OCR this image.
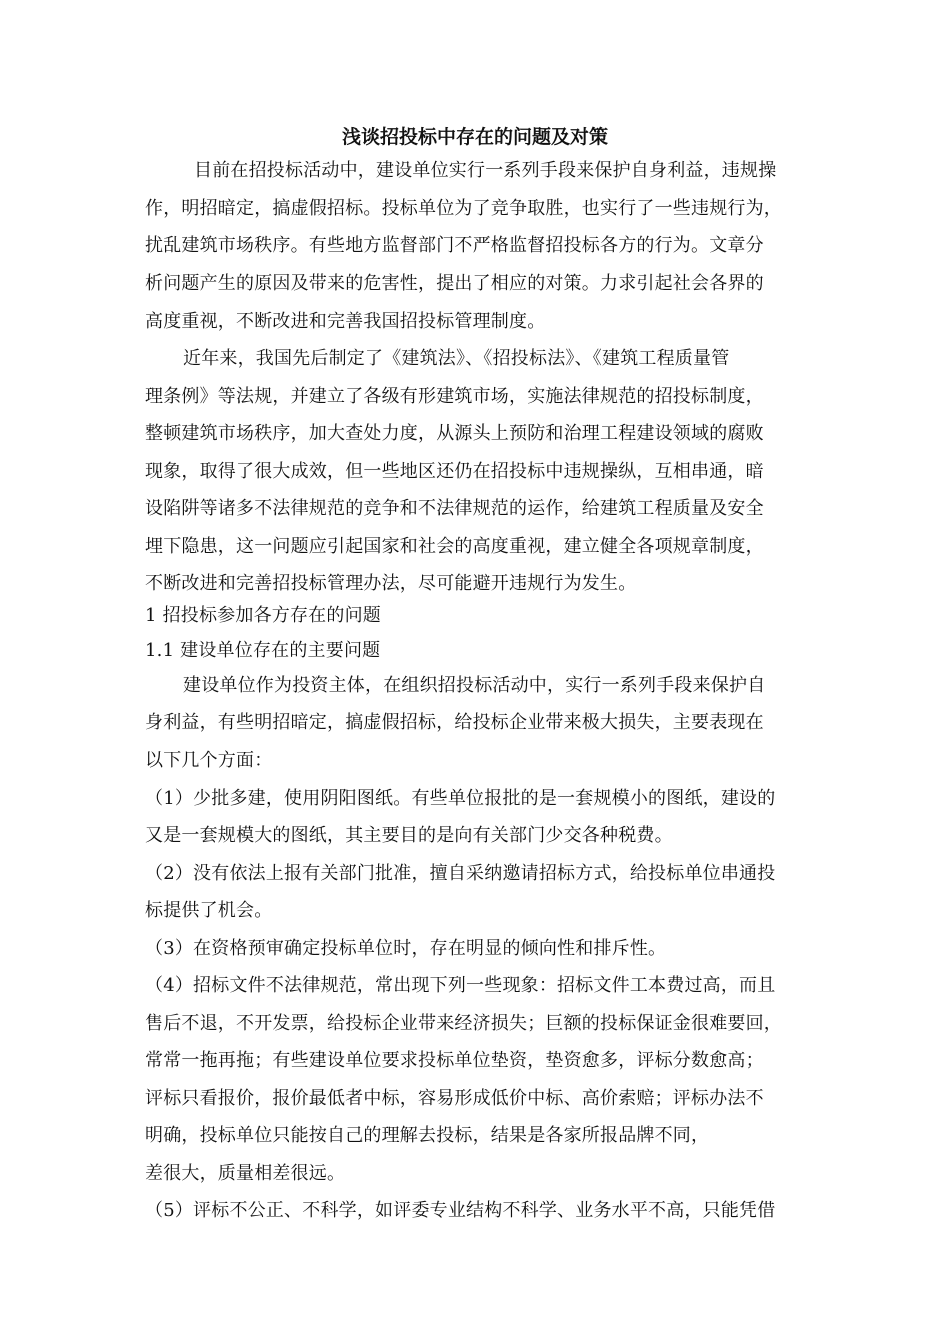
浅谈招投标中存在的问题及对策
目前在招投标活动中，建设单位实行一系列手段来保护自身利益，违规操
作，明招暗定，搞虚假招标。投标单位为了竞争取胜，也实行了一些违规行为，
扰乱建筑市场秩序。有些地方监督部门不严格监督招投标各方的行为。文章分
析问题产生的原因及带来的危害性，提出了相应的对策。力求引起社会各界的
高度重视，不断改进和完善我国招投标管理制度。
近年来，我国先后制定了《建筑法》、《招投标法》、《建筑工程质量管
理条例》等法规，并建立了各级有形建筑市场，实施法律规范的招投标制度，
整顿建筑市场秩序，加大查处力度，从源头上预防和治理工程建设领域的腐败
现象，取得了很大成效，但一些地区还仍在招投标中违规操纵，互相串通，暗
设陷阱等诸多不法律规范的竞争和不法律规范的运作，给建筑工程质量及安全
埋下隐患，这一问题应引起国家和社会的高度重视，建立健全各项规章制度，
不断改进和完善招投标管理办法，尽可能避开违规行为发生。
1 招投标参加各方存在的问题
1.1 建设单位存在的主要问题
建设单位作为投资主体，在组织招投标活动中，实行一系列手段来保护自
身利益，有些明招暗定，搞虚假招标，给投标企业带来极大损失，主要表现在
以下几个方面：
（1）少批多建，使用阴阳图纸。有些单位报批的是一套规模小的图纸，建设的
又是一套规模大的图纸，其主要目的是向有关部门少交各种税费。
（2）没有依法上报有关部门批准，擅自采纳邀请招标方式，给投标单位串通投
标提供了机会。
（3）在资格预审确定投标单位时，存在明显的倾向性和排斥性。
（4）招标文件不法律规范，常出现下列一些现象：招标文件工本费过高，而且
售后不退，不开发票，给投标企业带来经济损失；巨额的投标保证金很难要回，
常常一拖再拖；有些建设单位要求投标单位垫资，垫资愈多，评标分数愈高；
评标只看报价，报价最低者中标，容易形成低价中标、高价索赔；评标办法不
明确，投标单位只能按自己的理解去投标，结果是各家所报品牌不同，
差很大，质量相差很远。
（5）评标不公正、不科学，如评委专业结构不科学、业务水平不高，只能凭借
